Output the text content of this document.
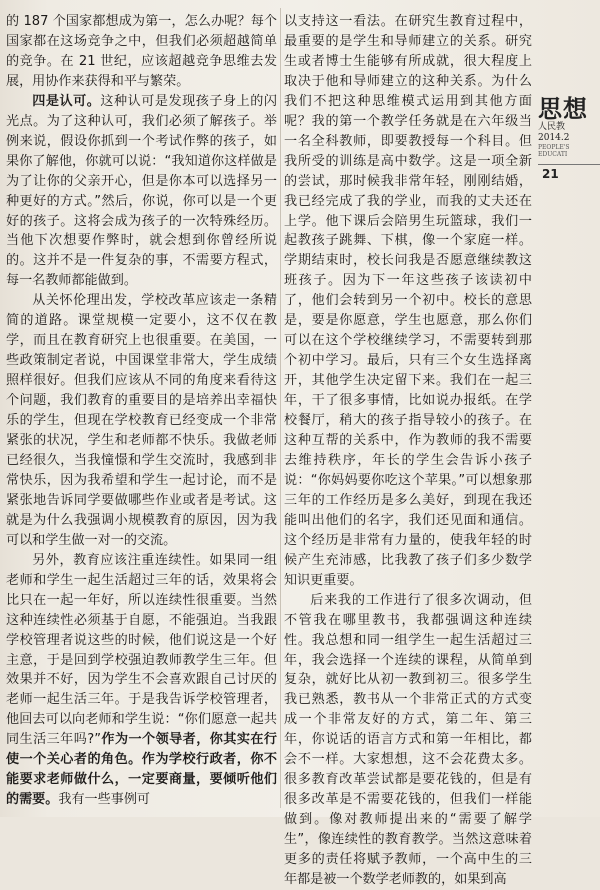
的 187 个国家都想成为第一，怎么办呢？每个国家都在这场竞争之中，但我们必须超越简单的竞争。在 21 世纪，应该超越竞争思维去发展，用协作来获得和平与繁荣。

四是认可。这种认可是发现孩子身上的闪光点。为了这种认可，我们必须了解孩子。举例来说，假设你抓到一个考试作弊的孩子，如果你了解他，你就可以说：“我知道你这样做是为了让你的父亲开心，但是你本可以选择另一种更好的方式。”然后，你说，你可以是一个更好的孩子。这将会成为孩子的一次特殊经历。当他下次想要作弊时，就会想到你曾经所说的。这并不是一件复杂的事，不需要方程式，每一名教师都能做到。

从关怀伦理出发，学校改革应该走一条精简的道路。课堂规模一定要小，这不仅在教学，而且在教育研究上也很重要。在美国，一些政策制定者说，中国课堂非常大，学生成绩照样很好。但我们应该从不同的角度来看待这个问题，我们教育的重要目的是培养出幸福快乐的学生，但现在学校教育已经变成一个非常紧张的状况，学生和老师都不快乐。我做老师已经很久，当我憧憬和学生交流时，我感到非常快乐，因为我希望和学生一起讨论，而不是紧张地告诉同学要做哪些作业或者是考试。这就是为什么我强调小规模教育的原因，因为我可以和学生做一对一的交流。

另外，教育应该注重连续性。如果同一组老师和学生一起生活超过三年的话，效果将会比只在一起一年好，所以连续性很重要。当然这种连续性必须基于自愿，不能强迫。当我跟学校管理者说这些的时候，他们说这是一个好主意，于是回到学校强迫教师教学生三年。但效果并不好，因为学生不会喜欢跟自己讨厌的老师一起生活三年。于是我告诉学校管理者，他回去可以向老师和学生说：“你们愿意一起共同生活三年吗?”作为一个领导者，你其实在行使一个关心者的角色。作为学校行政者，你不能要求老师做什么，一定要商量，要倾听他们的需要。我有一些事例可

以支持这一看法。在研究生教育过程中，最重要的是学生和导师建立的关系。研究生或者博士生能够有所成就，很大程度上取决于他和导师建立的这种关系。为什么我们不把这种思维模式运用到其他方面呢？我的第一个教学任务就是在六年级当一名全科教师，即要教授每一个科目。但我所受的训练是高中数学。这是一项全新的尝试，那时候我非常年轻，刚刚结婚，我已经完成了我的学业，而我的丈夫还在上学。他下课后会陪男生玩篮球，我们一起教孩子跳舞、下棋，像一个家庭一样。学期结束时，校长问我是否愿意继续教这班孩子。因为下一年这些孩子该读初中了，他们会转到另一个初中。校长的意思是，要是你愿意，学生也愿意，那么你们可以在这个学校继续学习，不需要转到那个初中学习。最后，只有三个女生选择离开，其他学生决定留下来。我们在一起三年，干了很多事情，比如说办报纸。在学校餐厅，稍大的孩子指导较小的孩子。在这种互帮的关系中，作为教师的我不需要去维持秩序，年长的学生会告诉小孩子说：“你妈妈要你吃这个苹果。”可以想象那三年的工作经历是多么美好，到现在我还能叫出他们的名字，我们还见面和通信。这个经历是非常有力量的，使我年轻的时候产生充沛感，比我教了孩子们多少数学知识更重要。

后来我的工作进行了很多次调动，但不管我在哪里教书，我都强调这种连续性。我总想和同一组学生一起生活超过三年，我会选择一个连续的课程，从简单到复杂，就好比从初一教到初三。很多学生我已熟悉，教书从一个非常正式的方式变成一个非常友好的方式，第二年、第三年，你说话的语言方式和第一年相比，都会不一样。大家想想，这不会花费太多。很多教育改革尝试都是要花钱的，但是有很多改革是不需要花钱的，但我们一样能做到。像对教师提出来的“需要了解学生”，像连续性的教育教学。当然这意味着更多的责任将赋予教师，一个高中生的三年都是被一个数学老师教的，如果到高

思想
人民教
2014.2
PEOPLE'S
EDUCATI
21
